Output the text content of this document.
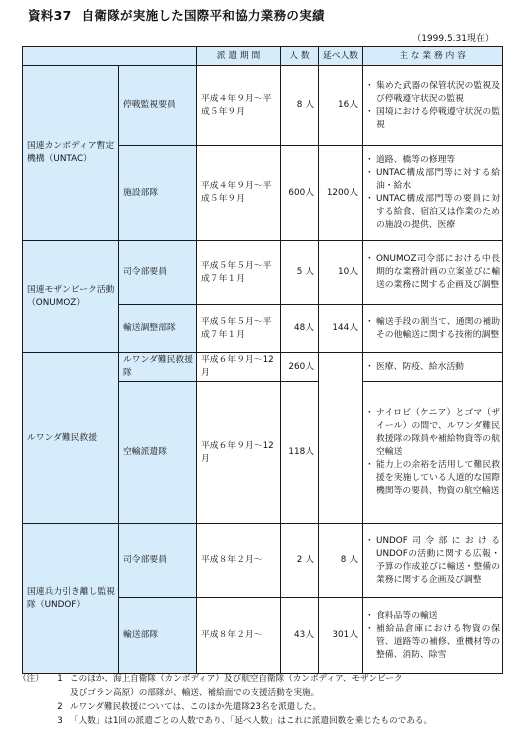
資料37 自衛隊が実施した国際平和協力業務の実績
（1999.5.31現在）
		派 遣 期 間	人 数	延べ人数	主 な 業 務 内 容
国連カンボディア暫定機構（UNTAC）	停戦監視要員	平成４年９月～平成５年９月	8 人	16人	・ 集めた武器の保管状況の監視及び停戦遵守状況の監視
・ 国境における停戦遵守状況の監視

	施設部隊	平成４年９月～平成５年９月	600人	1200人	・ 道路、橋等の修理等
・ UNTAC構成部門等に対する給油・給水
・ UNTAC構成部門等の要員に対する給食、宿泊又は作業のための施設の提供、医療

国連モザンビーク活動（ONUMOZ）	司令部要員	平成５年５月～平成７年１月	5 人	10人	・ ONUMOZ司令部における中長期的な業務計画の立案並びに輸送の業務に関する企画及び調整

	輸送調整部隊	平成５年５月～平成７年１月	48人	144人	・ 輸送手段の割当て、通関の補助その他輸送に関する技術的調整

ルワンダ難民救援	ルワンダ難民救援隊	平成６年９月～12月	260人		・ 医療、防疫、給水活動

	空輸派遣隊	平成６年９月～12月	118人		・ ナイロビ（ケニア）とゴマ（ザイール）の間で、ルワンダ難民救援隊の隊員や補給物資等の航空輸送
・ 能力上の余裕を活用して難民救援を実施している人道的な国際機関等の要員、物資の航空輸送

国連兵力引き離し監視隊（UNDOF）	司令部要員	平成８年２月～	2 人	8 人	・ UNDOF司令部におけるUNDOFの活動に関する広報・予算の作成並びに輸送・整備の業務に関する企画及び調整

	輸送部隊	平成８年２月～	43人	301人	・ 食料品等の輸送
・ 補給品倉庫における物資の保管、道路等の補修、重機材等の整備、消防、除雪
（注）	1 このほか、海上自衛隊（カンボディア）及び航空自衛隊（カンボディア、モザンビーク
及びゴラン高原）の部隊が、輸送、補給面での支援活動を実施。
2 ルワンダ難民救援については、このほか先遣隊23名を派遣した。
3 「人数」は1回の派遣ごとの人数であり、「延べ人数」はこれに派遣回数を乗じたものである。
